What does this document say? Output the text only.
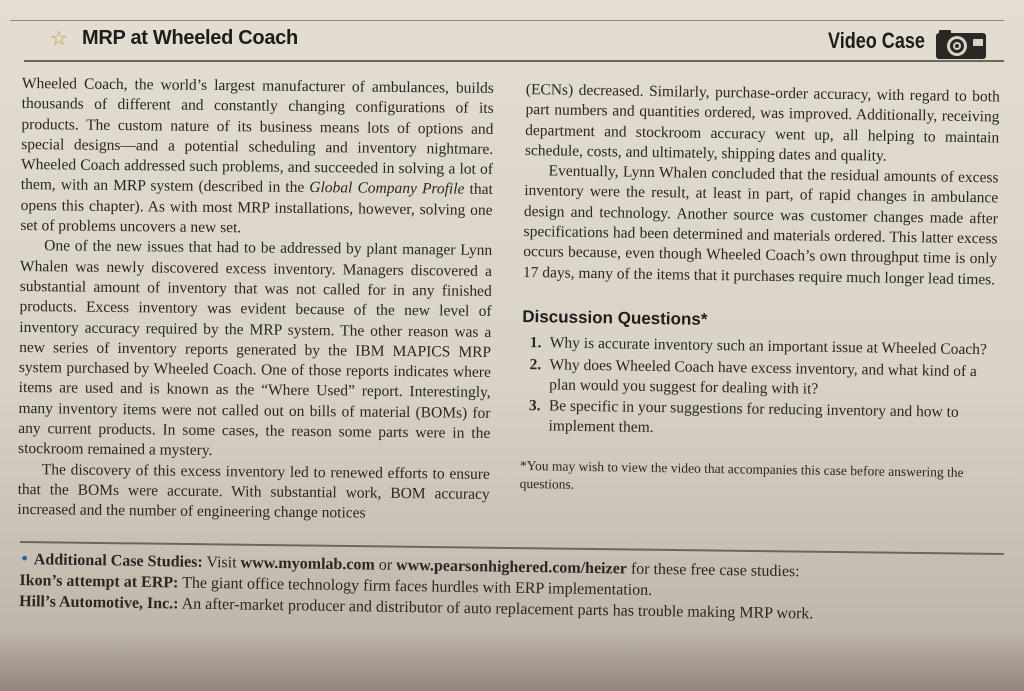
☆ MRP at Wheeled Coach	Video Case

Wheeled Coach, the world’s largest manufacturer of ambulances, builds thousands of different and constantly changing configurations of its products. The custom nature of its business means lots of options and special designs—and a potential scheduling and inventory nightmare. Wheeled Coach addressed such problems, and succeeded in solving a lot of them, with an MRP system (described in the Global Company Profile that opens this chapter). As with most MRP installations, however, solving one set of problems uncovers a new set.

One of the new issues that had to be addressed by plant manager Lynn Whalen was newly discovered excess inventory. Managers discovered a substantial amount of inventory that was not called for in any finished products. Excess inventory was evident because of the new level of inventory accuracy required by the MRP system. The other reason was a new series of inventory reports generated by the IBM MAPICS MRP system purchased by Wheeled Coach. One of those reports indicates where items are used and is known as the “Where Used” report. Interestingly, many inventory items were not called out on bills of material (BOMs) for any current products. In some cases, the reason some parts were in the stockroom remained a mystery.

The discovery of this excess inventory led to renewed efforts to ensure that the BOMs were accurate. With substantial work, BOM accuracy increased and the number of engineering change notices

(ECNs) decreased. Similarly, purchase-order accuracy, with regard to both part numbers and quantities ordered, was improved. Additionally, receiving department and stockroom accuracy went up, all helping to maintain schedule, costs, and ultimately, shipping dates and quality.

Eventually, Lynn Whalen concluded that the residual amounts of excess inventory were the result, at least in part, of rapid changes in ambulance design and technology. Another source was customer changes made after specifications had been determined and materials ordered. This latter excess occurs because, even though Wheeled Coach’s own throughput time is only 17 days, many of the items that it purchases require much longer lead times.

Discussion Questions*
1. Why is accurate inventory such an important issue at Wheeled Coach?
2. Why does Wheeled Coach have excess inventory, and what kind of a plan would you suggest for dealing with it?
3. Be specific in your suggestions for reducing inventory and how to implement them.
*You may wish to view the video that accompanies this case before answering the questions.
• Additional Case Studies: Visit www.myomlab.com or www.pearsonhighered.com/heizer for these free case studies:
Ikon’s attempt at ERP: The giant office technology firm faces hurdles with ERP implementation.
Hill’s Automotive, Inc.: An after-market producer and distributor of auto replacement parts has trouble making MRP work.
